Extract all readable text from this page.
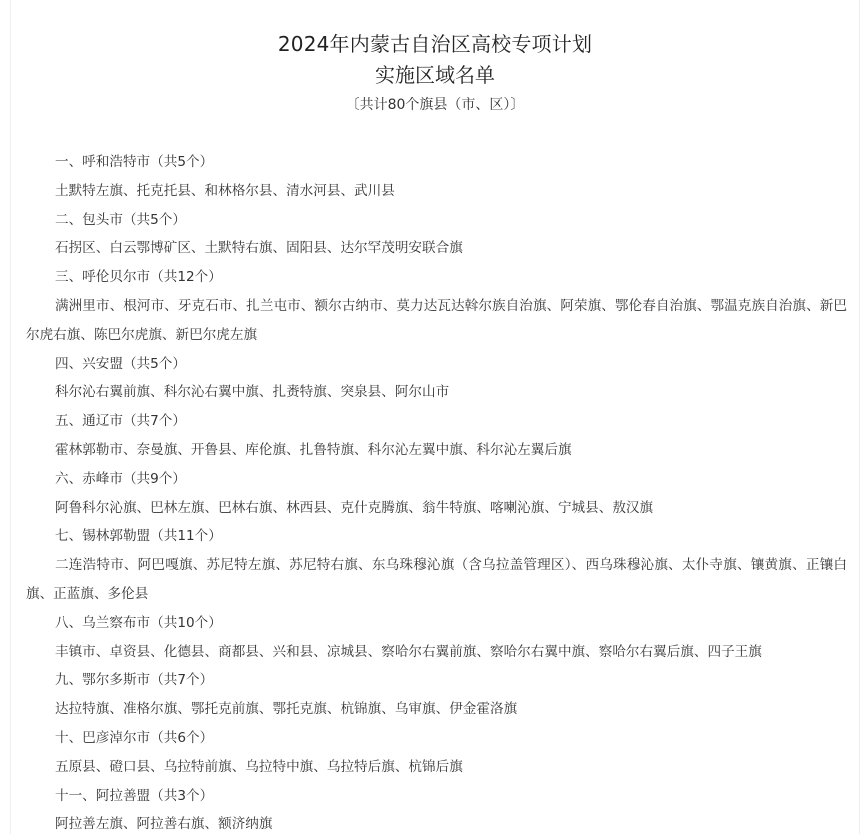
2024年内蒙古自治区高校专项计划
实施区域名单
〔共计80个旗县（市、区）〕

一、呼和浩特市（共5个）

土默特左旗、托克托县、和林格尔县、清水河县、武川县

二、包头市（共5个）

石拐区、白云鄂博矿区、土默特右旗、固阳县、达尔罕茂明安联合旗

三、呼伦贝尔市（共12个）

满洲里市、根河市、牙克石市、扎兰屯市、额尔古纳市、莫力达瓦达斡尔族自治旗、阿荣旗、鄂伦春自治旗、鄂温克族自治旗、新巴尔虎右旗、陈巴尔虎旗、新巴尔虎左旗

四、兴安盟（共5个）

科尔沁右翼前旗、科尔沁右翼中旗、扎赉特旗、突泉县、阿尔山市

五、通辽市（共7个）

霍林郭勒市、奈曼旗、开鲁县、库伦旗、扎鲁特旗、科尔沁左翼中旗、科尔沁左翼后旗

六、赤峰市（共9个）

阿鲁科尔沁旗、巴林左旗、巴林右旗、林西县、克什克腾旗、翁牛特旗、喀喇沁旗、宁城县、敖汉旗

七、锡林郭勒盟（共11个）

二连浩特市、阿巴嘎旗、苏尼特左旗、苏尼特右旗、东乌珠穆沁旗（含乌拉盖管理区）、西乌珠穆沁旗、太仆寺旗、镶黄旗、正镶白旗、正蓝旗、多伦县

八、乌兰察布市（共10个）

丰镇市、卓资县、化德县、商都县、兴和县、凉城县、察哈尔右翼前旗、察哈尔右翼中旗、察哈尔右翼后旗、四子王旗

九、鄂尔多斯市（共7个）

达拉特旗、准格尔旗、鄂托克前旗、鄂托克旗、杭锦旗、乌审旗、伊金霍洛旗

十、巴彦淖尔市（共6个）

五原县、磴口县、乌拉特前旗、乌拉特中旗、乌拉特后旗、杭锦后旗

十一、阿拉善盟（共3个）

阿拉善左旗、阿拉善右旗、额济纳旗
